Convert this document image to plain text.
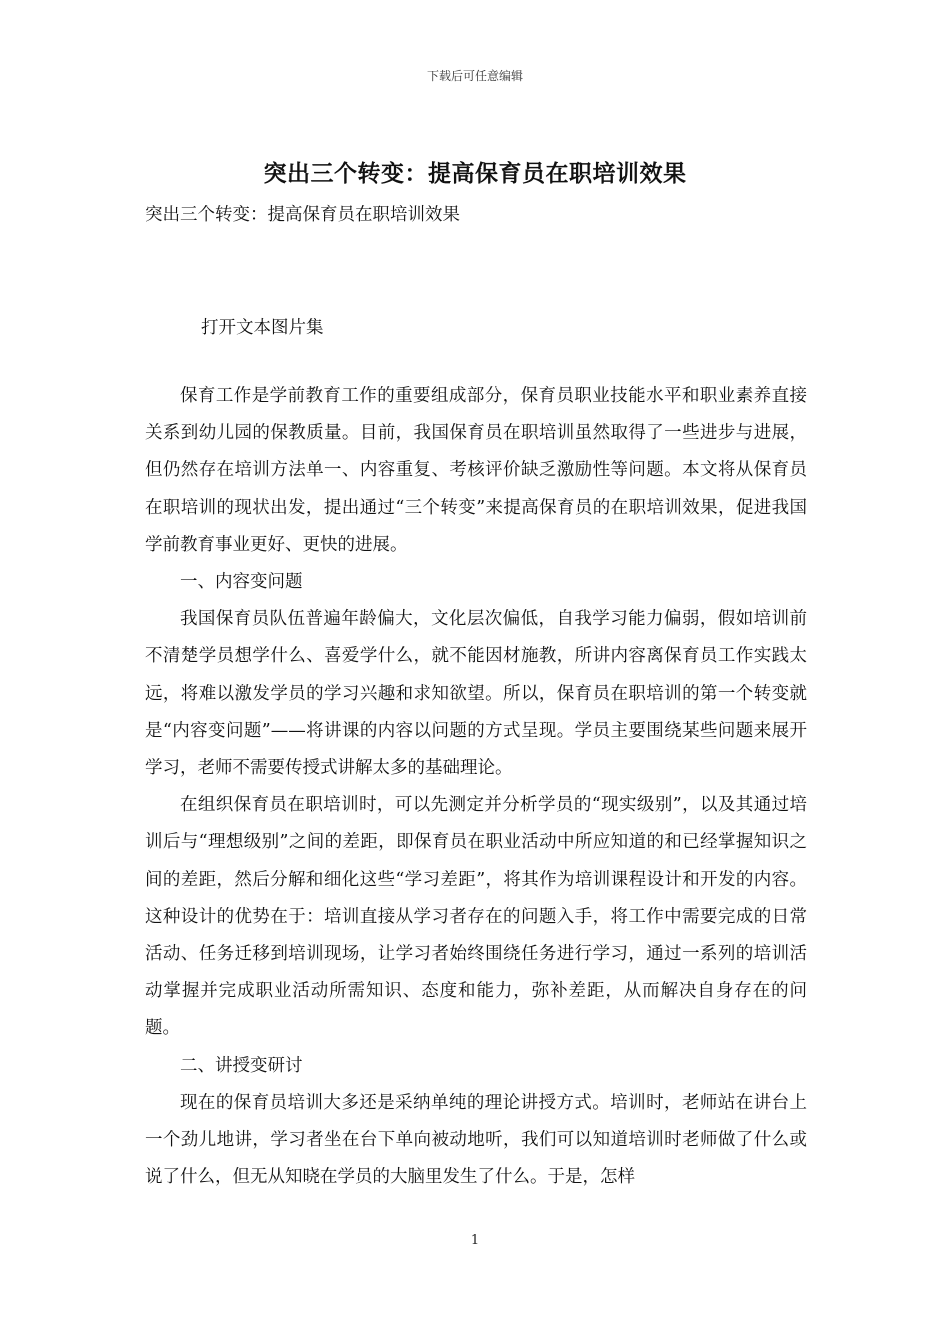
下载后可任意编辑
突出三个转变：提高保育员在职培训效果
突出三个转变：提高保育员在职培训效果
打开文本图片集

保育工作是学前教育工作的重要组成部分，保育员职业技能水平和职业素养直接关系到幼儿园的保教质量。目前，我国保育员在职培训虽然取得了一些进步与进展，但仍然存在培训方法单一、内容重复、考核评价缺乏激励性等问题。本文将从保育员在职培训的现状出发，提出通过“三个转变”来提高保育员的在职培训效果，促进我国学前教育事业更好、更快的进展。

一、内容变问题

我国保育员队伍普遍年龄偏大，文化层次偏低，自我学习能力偏弱，假如培训前不清楚学员想学什么、喜爱学什么，就不能因材施教，所讲内容离保育员工作实践太远，将难以激发学员的学习兴趣和求知欲望。所以，保育员在职培训的第一个转变就是“内容变问题”——将讲课的内容以问题的方式呈现。学员主要围绕某些问题来展开学习，老师不需要传授式讲解太多的基础理论。

在组织保育员在职培训时，可以先测定并分析学员的“现实级别”，以及其通过培训后与“理想级别”之间的差距，即保育员在职业活动中所应知道的和已经掌握知识之间的差距，然后分解和细化这些“学习差距”，将其作为培训课程设计和开发的内容。这种设计的优势在于：培训直接从学习者存在的问题入手，将工作中需要完成的日常活动、任务迁移到培训现场，让学习者始终围绕任务进行学习，通过一系列的培训活动掌握并完成职业活动所需知识、态度和能力，弥补差距，从而解决自身存在的问题。

二、讲授变研讨

现在的保育员培训大多还是采纳单纯的理论讲授方式。培训时，老师站在讲台上一个劲儿地讲，学习者坐在台下单向被动地听，我们可以知道培训时老师做了什么或说了什么，但无从知晓在学员的大脑里发生了什么。于是，怎样

1
